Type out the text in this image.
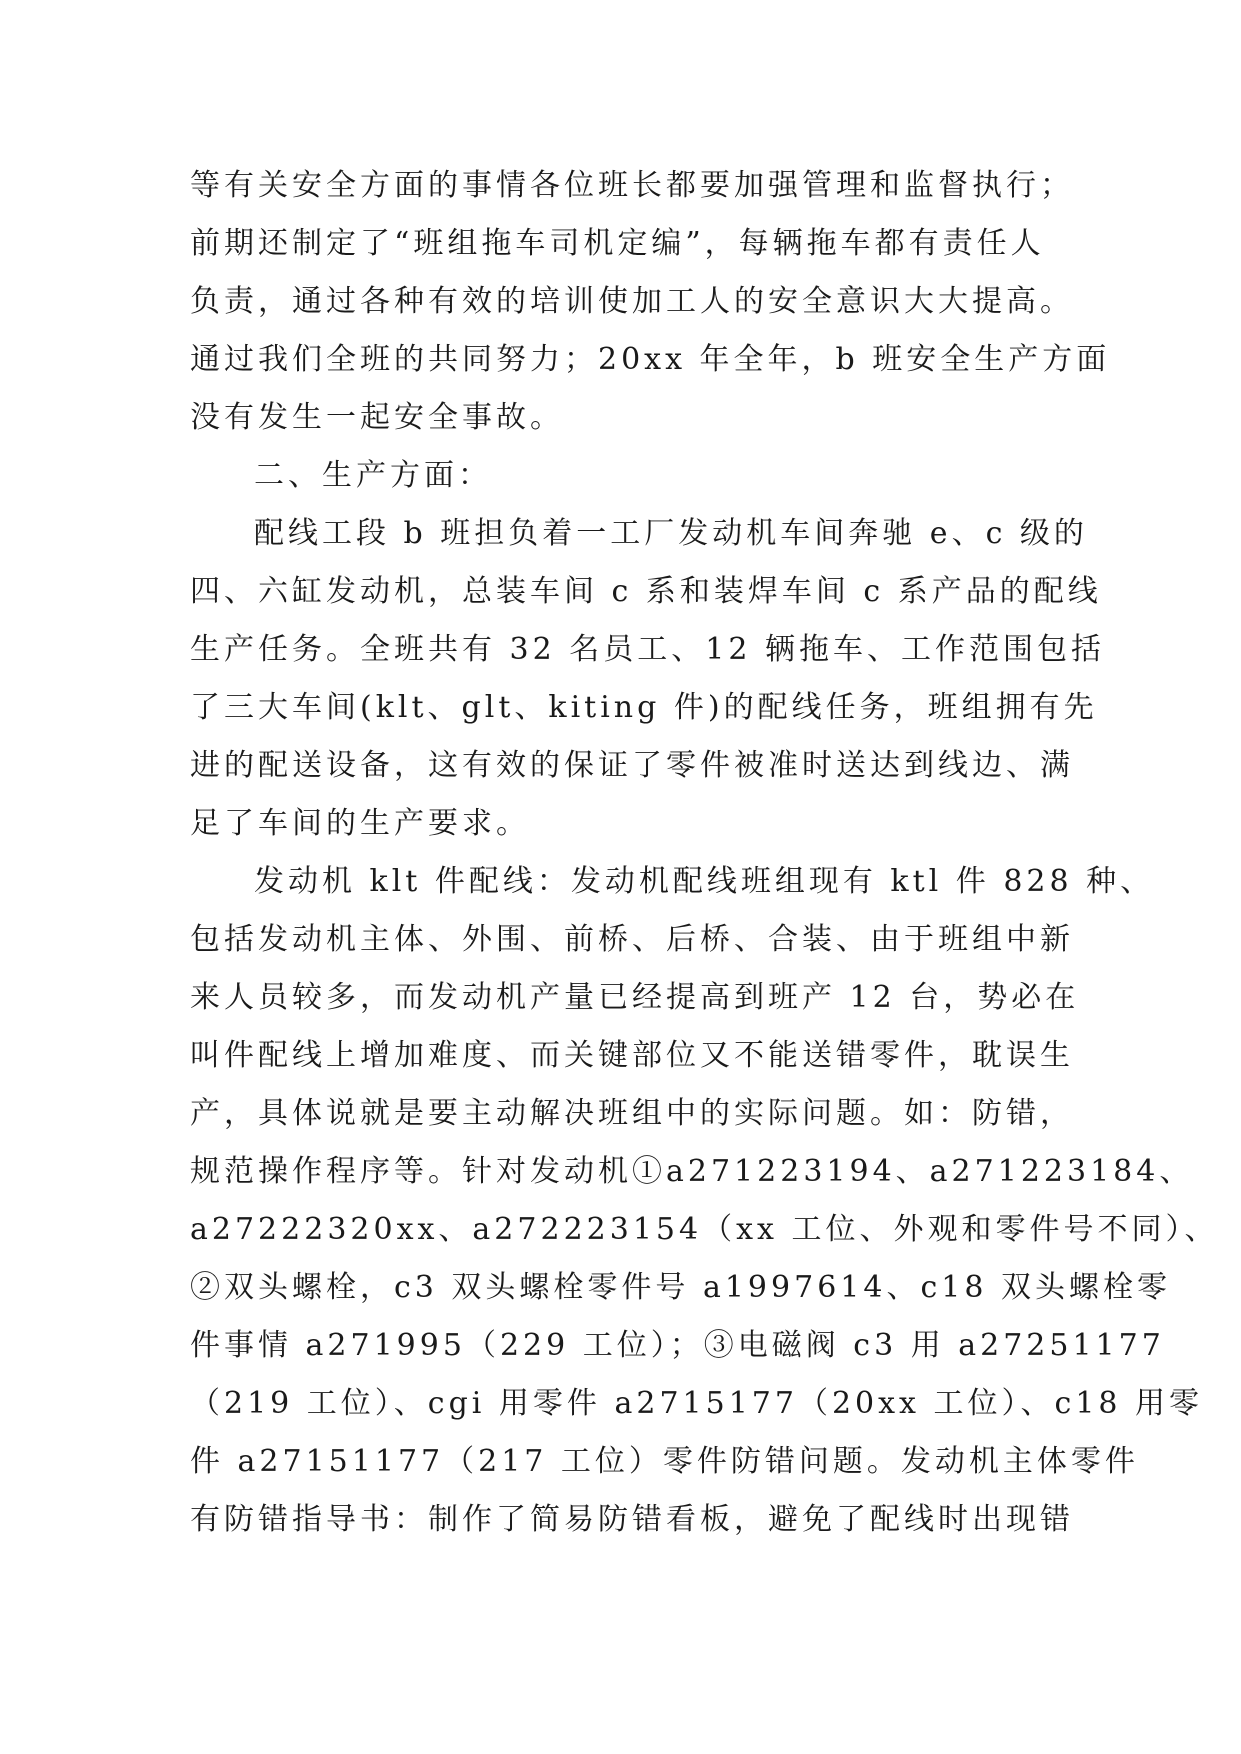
等有关安全方面的事情各位班长都要加强管理和监督执行；
前期还制定了“班组拖车司机定编”，每辆拖车都有责任人
负责，通过各种有效的培训使加工人的安全意识大大提高。
通过我们全班的共同努力；20xx 年全年，b 班安全生产方面
没有发生一起安全事故。
二、生产方面：
配线工段 b 班担负着一工厂发动机车间奔驰 e、c 级的
四、六缸发动机，总装车间 c 系和装焊车间 c 系产品的配线
生产任务。全班共有 32 名员工、12 辆拖车、工作范围包括
了三大车间(klt、glt、kiting 件)的配线任务，班组拥有先
进的配送设备，这有效的保证了零件被准时送达到线边、满
足了车间的生产要求。
发动机 klt 件配线：发动机配线班组现有 ktl 件 828 种、
包括发动机主体、外围、前桥、后桥、合装、由于班组中新
来人员较多，而发动机产量已经提高到班产 12 台，势必在
叫件配线上增加难度、而关键部位又不能送错零件，耽误生
产，具体说就是要主动解决班组中的实际问题。如：防错，
规范操作程序等。针对发动机①a271223194、a271223184、
a27222320xx、a272223154（xx 工位、外观和零件号不同）、
②双头螺栓，c3 双头螺栓零件号 a1997614、c18 双头螺栓零
件事情 a271995（229 工位）；③电磁阀 c3 用 a27251177
（219 工位）、cgi 用零件 a2715177（20xx 工位）、c18 用零
件 a27151177（217 工位）零件防错问题。发动机主体零件
有防错指导书：制作了简易防错看板，避免了配线时出现错
